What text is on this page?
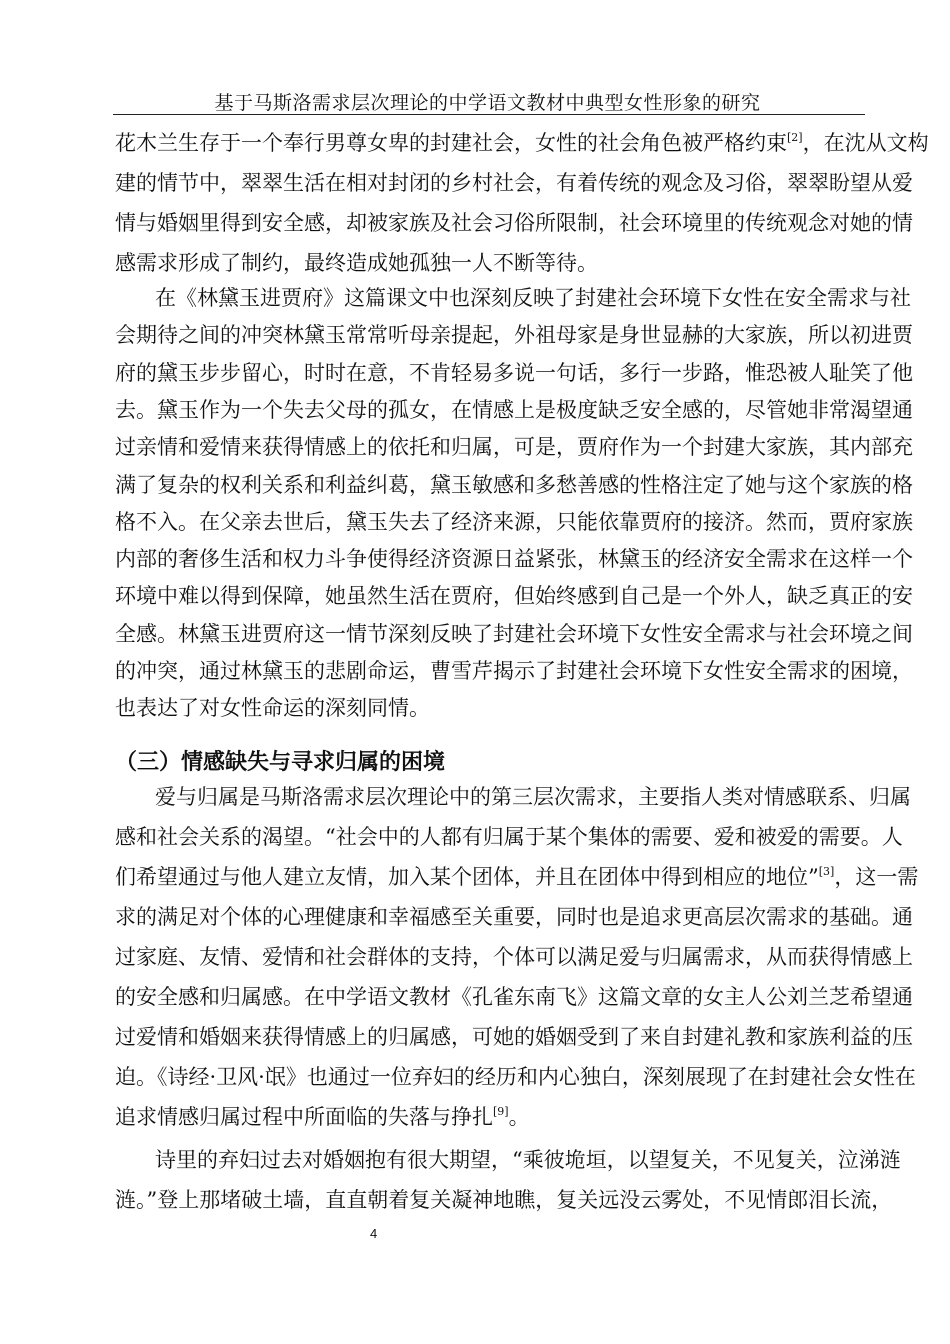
基于马斯洛需求层次理论的中学语文教材中典型女性形象的研究
花木兰生存于一个奉行男尊女卑的封建社会，女性的社会角色被严格约束[2]，在沈从文构
建的情节中，翠翠生活在相对封闭的乡村社会，有着传统的观念及习俗，翠翠盼望从爱
情与婚姻里得到安全感，却被家族及社会习俗所限制，社会环境里的传统观念对她的情
感需求形成了制约，最终造成她孤独一人不断等待。
在《林黛玉进贾府》这篇课文中也深刻反映了封建社会环境下女性在安全需求与社
会期待之间的冲突林黛玉常常听母亲提起，外祖母家是身世显赫的大家族，所以初进贾
府的黛玉步步留心，时时在意，不肯轻易多说一句话，多行一步路，惟恐被人耻笑了他
去。黛玉作为一个失去父母的孤女，在情感上是极度缺乏安全感的，尽管她非常渴望通
过亲情和爱情来获得情感上的依托和归属，可是，贾府作为一个封建大家族，其内部充
满了复杂的权利关系和利益纠葛，黛玉敏感和多愁善感的性格注定了她与这个家族的格
格不入。在父亲去世后，黛玉失去了经济来源，只能依靠贾府的接济。然而，贾府家族
内部的奢侈生活和权力斗争使得经济资源日益紧张，林黛玉的经济安全需求在这样一个
环境中难以得到保障，她虽然生活在贾府，但始终感到自己是一个外人，缺乏真正的安
全感。林黛玉进贾府这一情节深刻反映了封建社会环境下女性安全需求与社会环境之间
的冲突，通过林黛玉的悲剧命运，曹雪芹揭示了封建社会环境下女性安全需求的困境，
也表达了对女性命运的深刻同情。
爱与归属是马斯洛需求层次理论中的第三层次需求，主要指人类对情感联系、归属
感和社会关系的渴望。“社会中的人都有归属于某个集体的需要、爱和被爱的需要。人
们希望通过与他人建立友情，加入某个团体，并且在团体中得到相应的地位”[3]，这一需
求的满足对个体的心理健康和幸福感至关重要，同时也是追求更高层次需求的基础。通
过家庭、友情、爱情和社会群体的支持，个体可以满足爱与归属需求，从而获得情感上
的安全感和归属感。在中学语文教材《孔雀东南飞》这篇文章的女主人公刘兰芝希望通
过爱情和婚姻来获得情感上的归属感，可她的婚姻受到了来自封建礼教和家族利益的压
迫。《诗经·卫风·氓》也通过一位弃妇的经历和内心独白，深刻展现了在封建社会女性在
追求情感归属过程中所面临的失落与挣扎[9]。
诗里的弃妇过去对婚姻抱有很大期望，“乘彼垝垣，以望复关，不见复关，泣涕涟
涟。”登上那堵破土墙，直直朝着复关凝神地瞧，复关远没云雾处，不见情郎泪长流，
（三）情感缺失与寻求归属的困境
4
